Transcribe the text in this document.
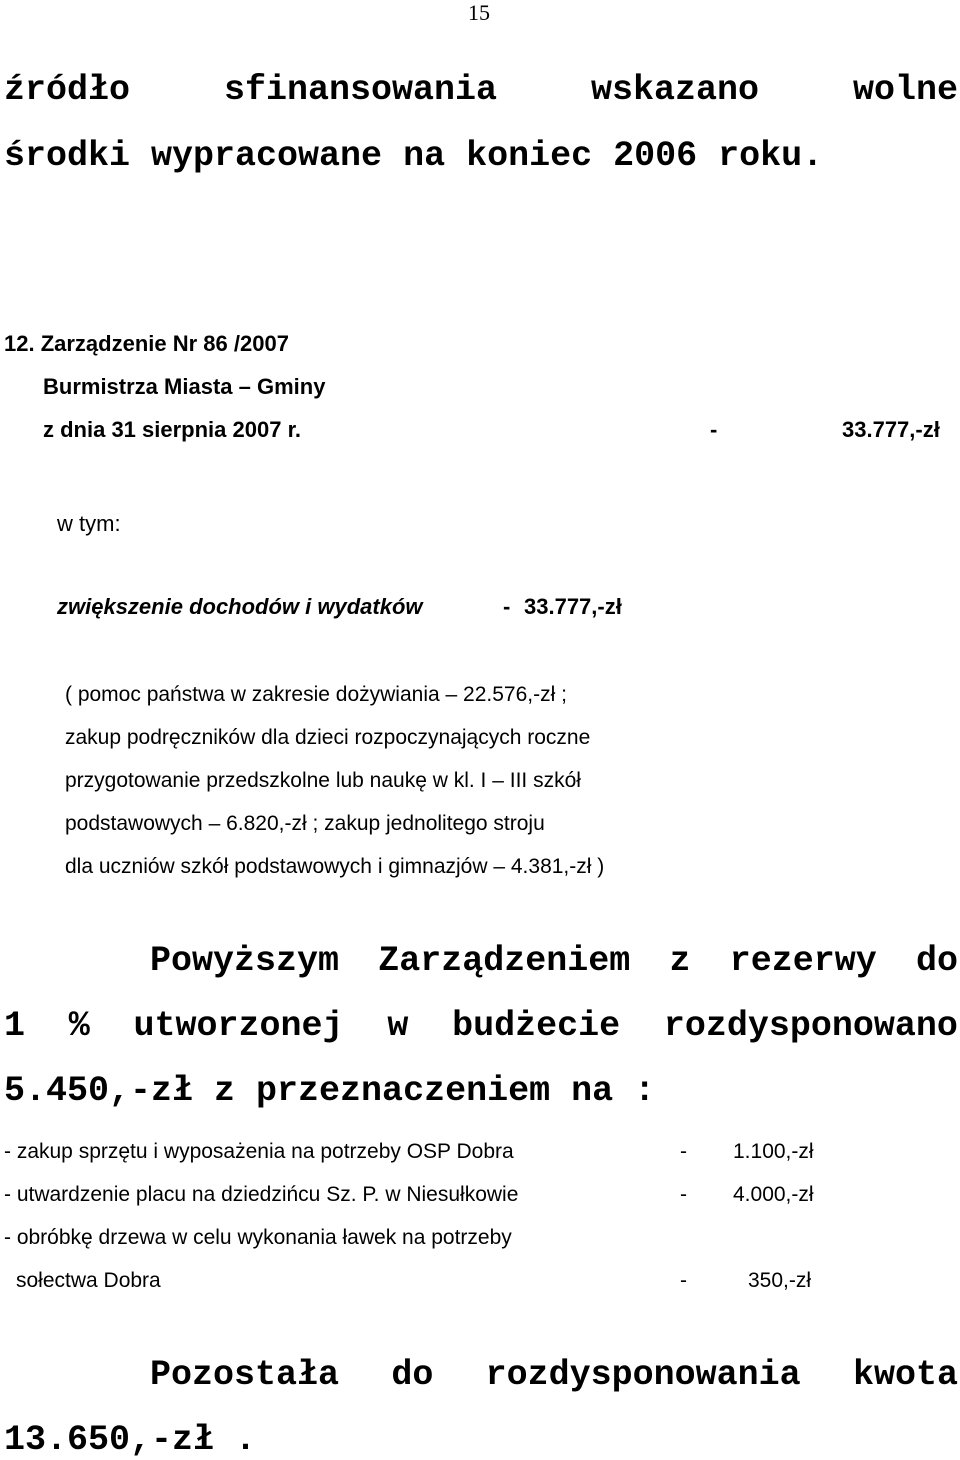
15
źródło	sfinansowania	wskazano	wolne
środki wypracowane na koniec 2006 roku.
12. Zarządzenie Nr 86 /2007
Burmistrza Miasta – Gminy
z dnia 31 sierpnia 2007 r.	-	33.777,-zł
w tym:
zwiększenie dochodów i wydatków	- 33.777,-zł
( pomoc państwa w zakresie dożywiania – 22.576,-zł ;
zakup podręczników dla dzieci rozpoczynających roczne
przygotowanie przedszkolne lub naukę w kl. I – III szkół
podstawowych – 6.820,-zł ; zakup jednolitego stroju
dla uczniów szkół podstawowych i gimnazjów – 4.381,-zł )
Powyższym Zarządzeniem z rezerwy do
1 % utworzonej w budżecie rozdysponowano
5.450,-zł z przeznaczeniem na :
- zakup sprzętu i wyposażenia na potrzeby OSP Dobra	- 1.100,-zł
- utwardzenie placu na dziedzińcu Sz. P. w Niesułkowie	- 4.000,-zł
- obróbkę drzewa w celu wykonania ławek na potrzeby
sołectwa Dobra	-	350,-zł
Pozostała do rozdysponowania kwota
13.650,-zł .
